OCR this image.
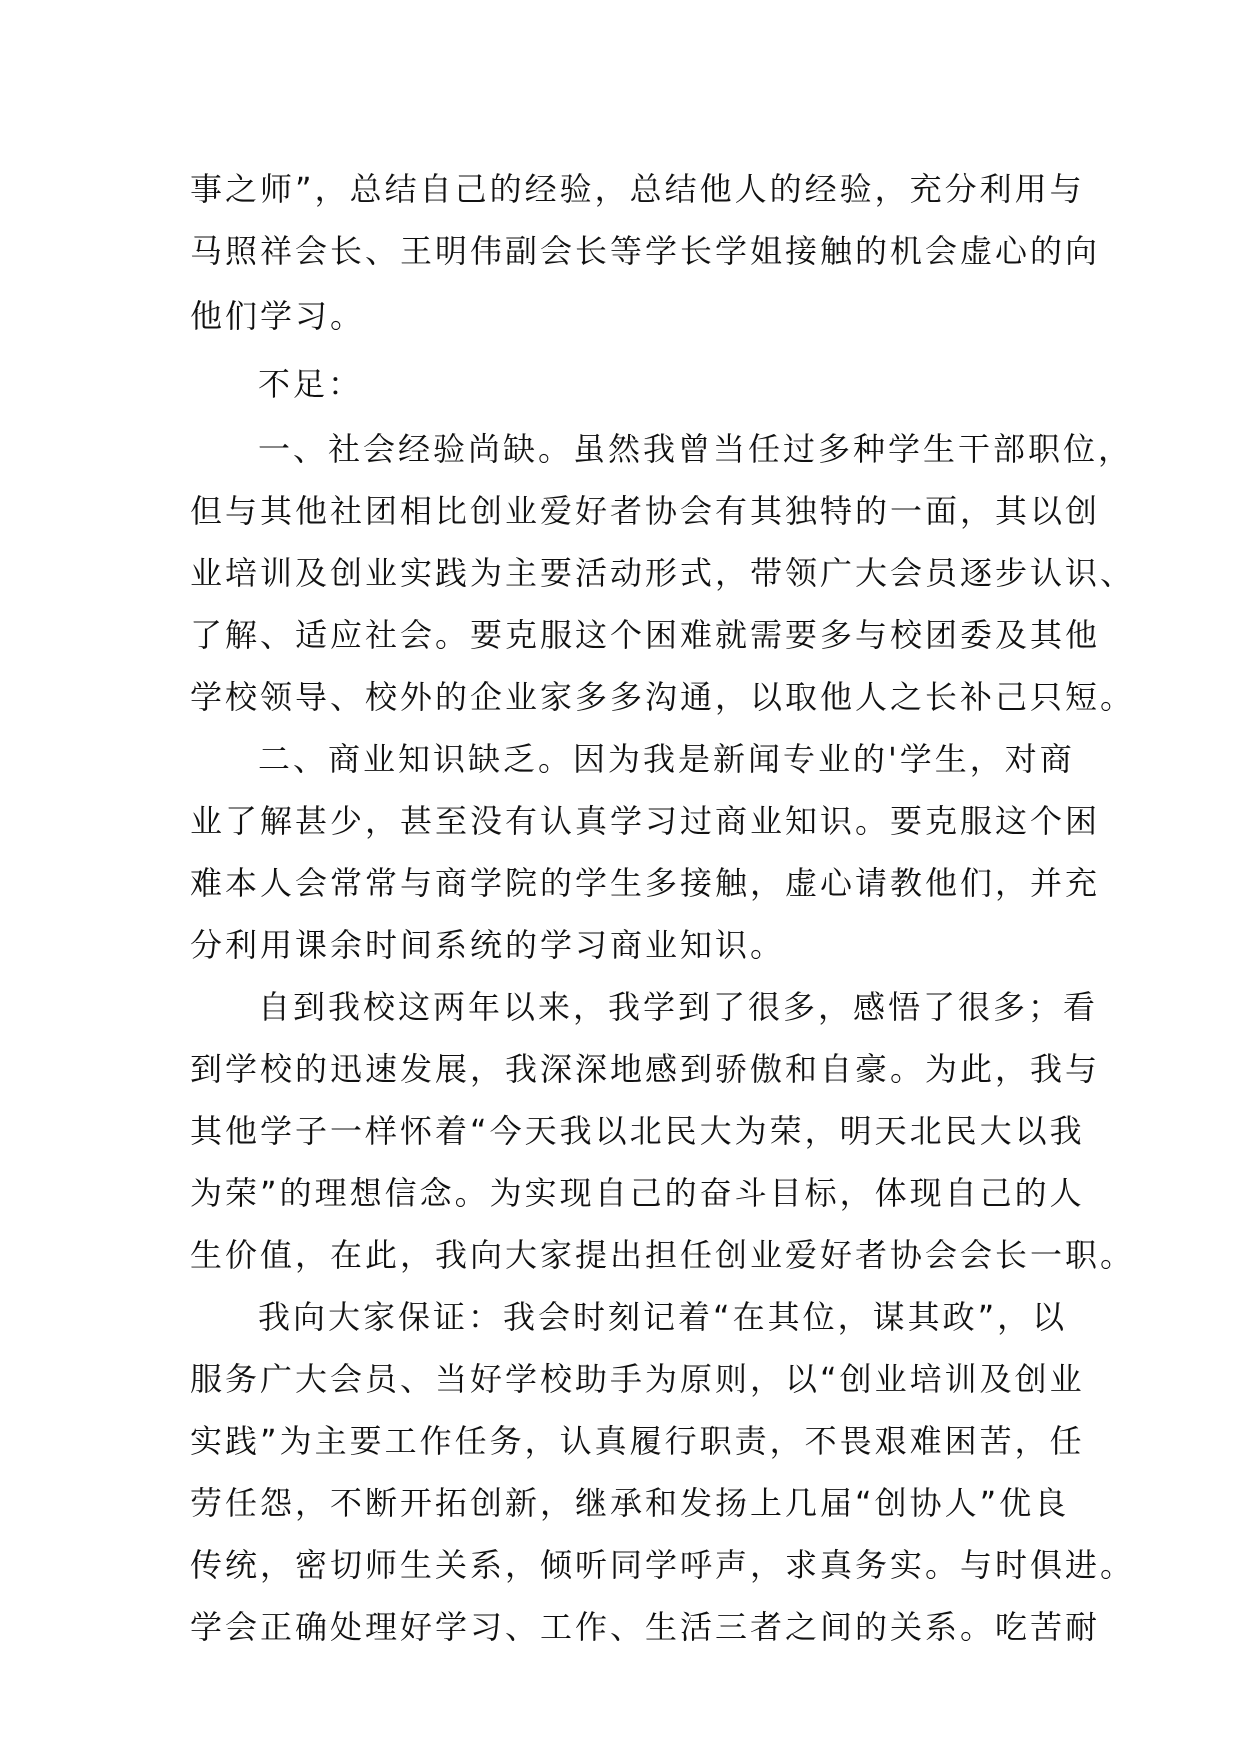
事之师”，总结自己的经验，总结他人的经验，充分利用与
马照祥会长、王明伟副会长等学长学姐接触的机会虚心的向
他们学习。
不足：
一、社会经验尚缺。虽然我曾当任过多种学生干部职位，
但与其他社团相比创业爱好者协会有其独特的一面，其以创
业培训及创业实践为主要活动形式，带领广大会员逐步认识、
了解、适应社会。要克服这个困难就需要多与校团委及其他
学校领导、校外的企业家多多沟通，以取他人之长补己只短。
二、商业知识缺乏。因为我是新闻专业的'学生，对商
业了解甚少，甚至没有认真学习过商业知识。要克服这个困
难本人会常常与商学院的学生多接触，虚心请教他们，并充
分利用课余时间系统的学习商业知识。
自到我校这两年以来，我学到了很多，感悟了很多；看
到学校的迅速发展，我深深地感到骄傲和自豪。为此，我与
其他学子一样怀着“今天我以北民大为荣，明天北民大以我
为荣”的理想信念。为实现自己的奋斗目标，体现自己的人
生价值，在此，我向大家提出担任创业爱好者协会会长一职。
我向大家保证：我会时刻记着“在其位，谋其政”，以
服务广大会员、当好学校助手为原则，以“创业培训及创业
实践”为主要工作任务，认真履行职责，不畏艰难困苦，任
劳任怨，不断开拓创新，继承和发扬上几届“创协人”优良
传统，密切师生关系，倾听同学呼声，求真务实。与时俱进。
学会正确处理好学习、工作、生活三者之间的关系。吃苦耐
